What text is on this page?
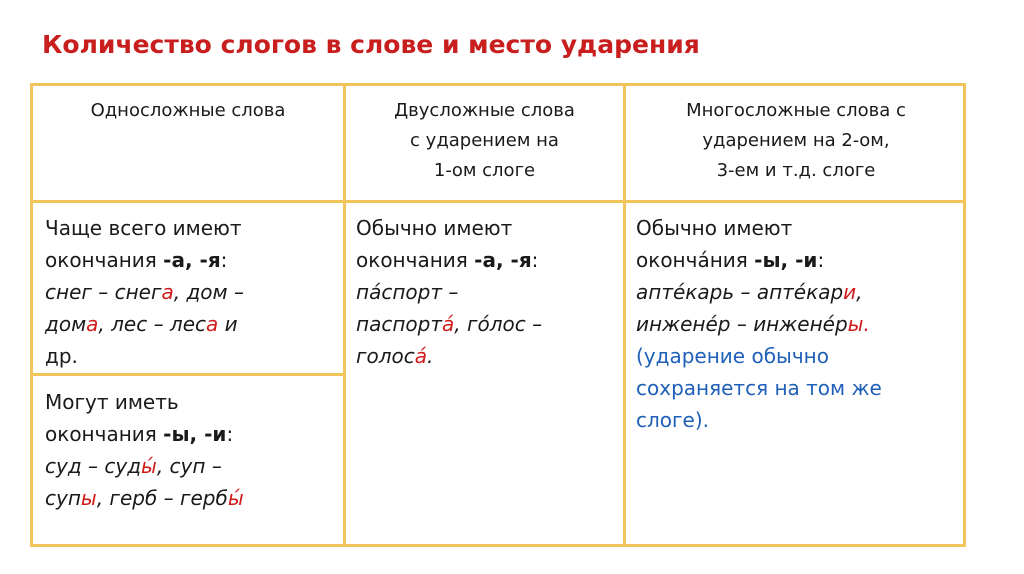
Количество слогов в слове и место ударения
Односложные слова	Двусложные слова
с ударением на
1-ом слоге
Многосложные слова с
ударением на 2-ом,
3-ем и т.д. слоге
Чаще всего имеют
окончания -а, -я:
снег – снега, дом –
дома, лес – леса и
др.
Могут иметь
окончания -ы, -и:
суд – суды́, суп –
супы, герб – гербы́
Обычно имеют
окончания -а, -я:
па́спорт –
паспорта́, го́лос –
голоса́.
Обычно имеют
оконча́ния -ы, -и:
апте́карь – апте́кари,
инжене́р – инжене́ры.
(ударение обычно
сохраняется на том же
слоге).
